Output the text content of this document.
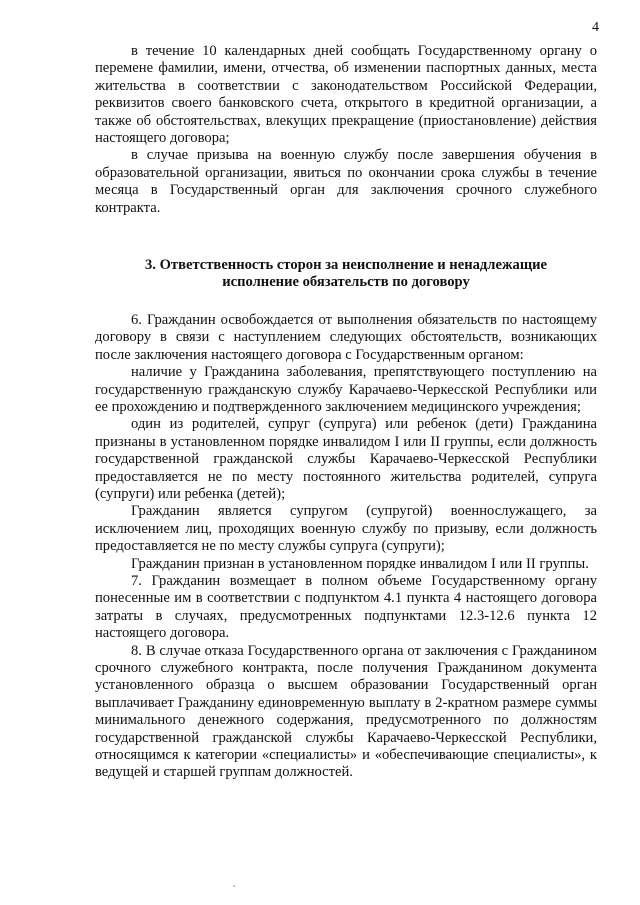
4

в течение 10 календарных дней сообщать Государственному органу о перемене фамилии, имени, отчества, об изменении паспортных данных, места жительства в соответствии с законодательством Российской Федерации, реквизитов своего банковского счета, открытого в кредитной организации, а также об обстоятельствах, влекущих прекращение (приостановление) действия настоящего договора;

в случае призыва на военную службу после завершения обучения в образовательной организации, явиться по окончании срока службы в течение месяца в Государственный орган для заключения срочного служебного контракта.

3. Ответственность сторон за неисполнение и ненадлежащие исполнение обязательств по договору

6. Гражданин освобождается от выполнения обязательств по настоящему договору в связи с наступлением следующих обстоятельств, возникающих после заключения настоящего договора с Государственным органом:

наличие у Гражданина заболевания, препятствующего поступлению на государственную гражданскую службу Карачаево-Черкесской Республики или ее прохождению и подтвержденного заключением медицинского учреждения;

один из родителей, супруг (супруга) или ребенок (дети) Гражданина признаны в установленном порядке инвалидом I или II группы, если должность государственной гражданской службы Карачаево-Черкесской Республики предоставляется не по месту постоянного жительства родителей, супруга (супруги) или ребенка (детей);

Гражданин является супругом (супругой) военнослужащего, за исключением лиц, проходящих военную службу по призыву, если должность предоставляется не по месту службы супруга (супруги);

Гражданин признан в установленном порядке инвалидом I или II группы.

7. Гражданин возмещает в полном объеме Государственному органу понесенные им в соответствии с подпунктом 4.1 пункта 4 настоящего договора затраты в случаях, предусмотренных подпунктами 12.3-12.6 пункта 12 настоящего договора.

8. В случае отказа Государственного органа от заключения с Гражданином срочного служебного контракта, после получения Гражданином документа установленного образца о высшем образовании Государственный орган выплачивает Гражданину единовременную выплату в 2-кратном размере суммы минимального денежного содержания, предусмотренного по должностям государственной гражданской службы Карачаево-Черкесской Республики, относящимся к категории «специалисты» и «обеспечивающие специалисты», к ведущей и старшей группам должностей.
